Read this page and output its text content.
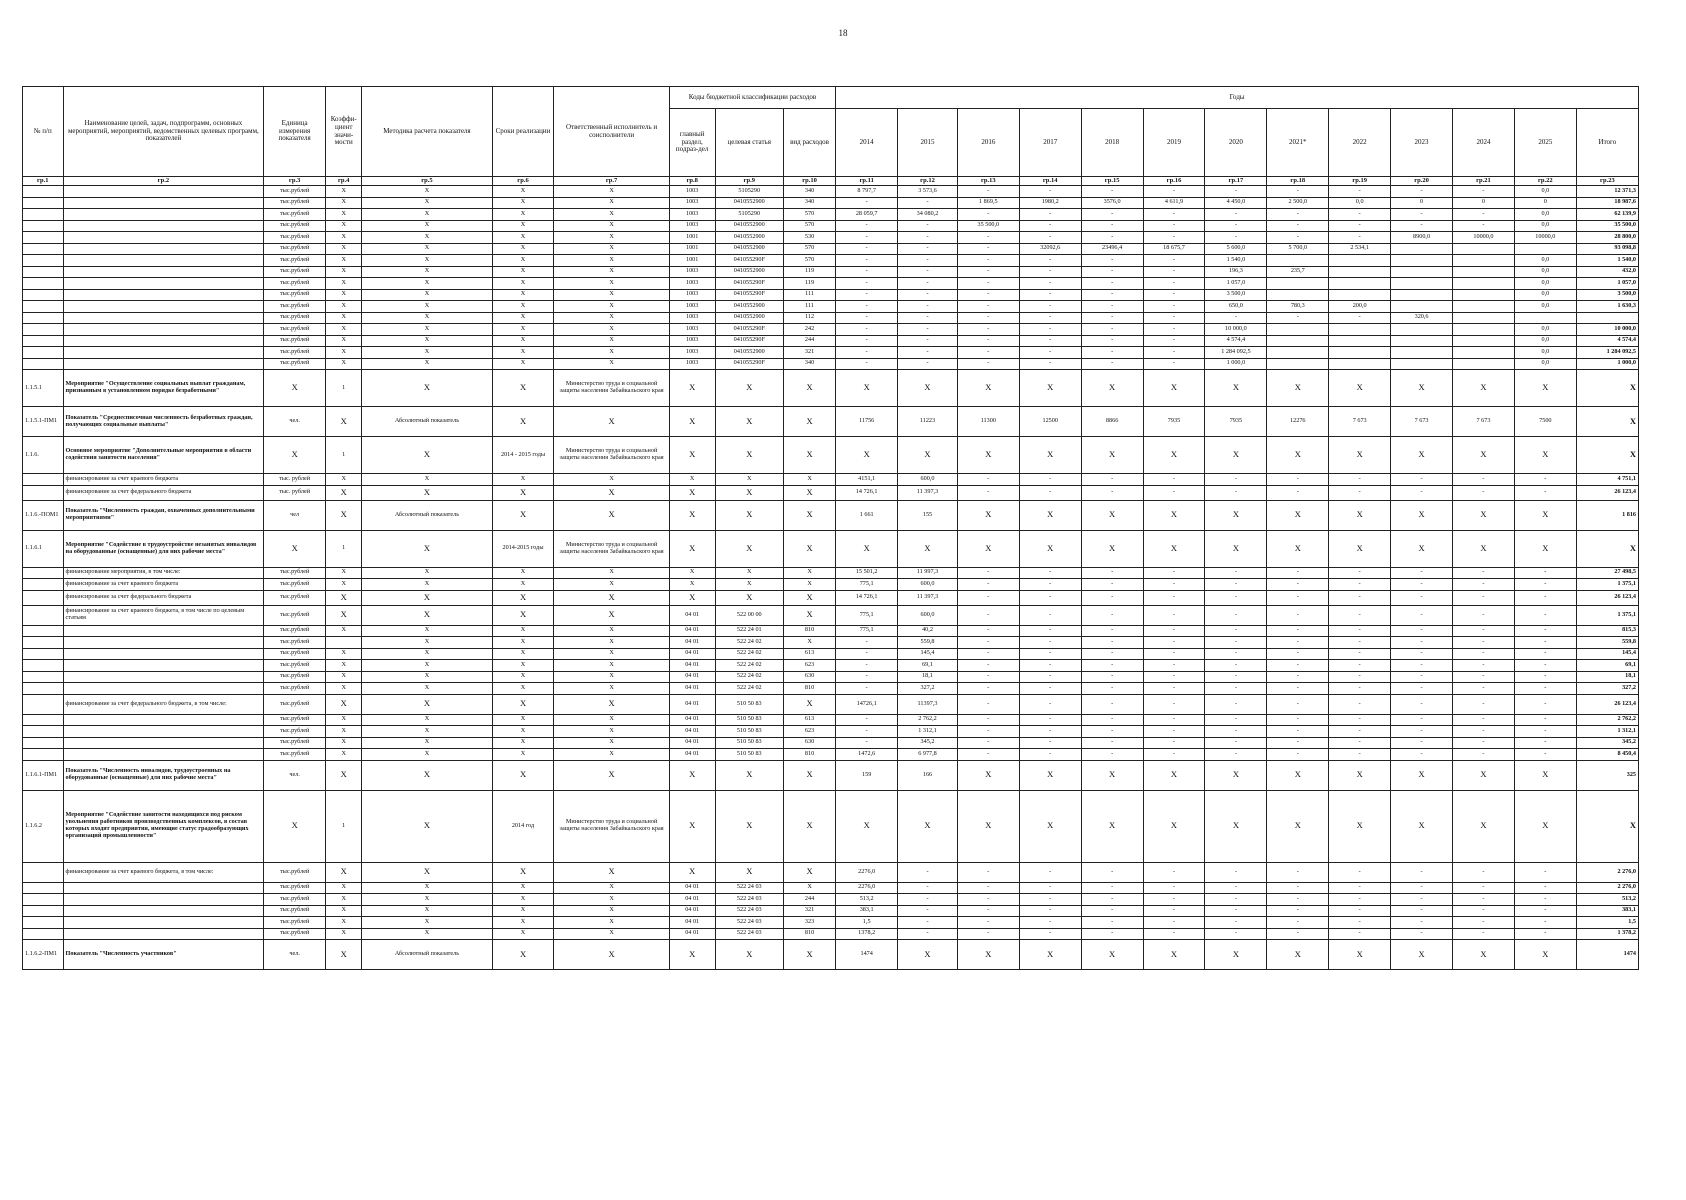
18
№ п/п	Наименование целей, задач, подпрограмм, основных мероприятий, мероприятий, ведомственных целевых программ, показателей	Единица измерения показателя	Коэффи-циент значи-мости	Методика расчета показателя	Сроки реализации	Ответственный исполнитель и соисполнители	Коды бюджетной классификации расходов			Годы												
							главный раздел, подраз-дел	целевая статья	вид расходов	2014	2015	2016	2017	2018	2019	2020	2021*	2022	2023	2024	2025	Итого
гр.1	гр.2	гр.3	гр.4	гр.5	гр.6	гр.7	гр.8	гр.9	гр.10	гр.11	гр.12	гр.13	гр.14	гр.15	гр.16	гр.17	гр.18	гр.19	гр.20	гр.21	гр.22	гр.23
		тыс.рублей	X	X	X	X	1003	5105290	340	8 797,7	3 573,6	-	-	-	-	-	-	-	-	-	0,0	12 371,3
		тыс.рублей	X	X	X	X	1003	0410552900	340	-	-	1 869,5	1980,2	3576,0	4 611,9	4 450,0	2 500,0	0,0	0	0	0	18 987,6
		тыс.рублей	X	X	X	X	1003	5105290	570	28 059,7	34 080,2	-	-	-	-	-	-	-	-	-	0,0	62 139,9
		тыс.рублей	X	X	X	X	1003	0410552900	570	-	-	35 500,0	-	-	-	-	-	-	-	-	0,0	35 500,0
		тыс.рублей	X	X	X	X	1001	0410552900	530	-	-	-	-	-	-	-	-	-	8900,0	10000,0	10000,0	28 800,0
		тыс.рублей	X	X	X	X	1001	0410552900	570	-	-	-	32092,6	23496,4	18 675,7	5 600,0	5 700,0	2 534,1				93 098,8
		тыс.рублей	X	X	X	X	1001	041055290F	570	-	-	-	-	-	-	1 540,0					0,0	1 540,0
		тыс.рублей	X	X	X	X	1003	0410552900	119	-	-	-	-	-	-	196,3	235,7				0,0	432,0
		тыс.рублей	X	X	X	X	1003	041055290F	119	-	-	-	-	-	-	1 057,0					0,0	1 057,0
		тыс.рублей	X	X	X	X	1003	041055290F	111	-	-	-	-	-	-	3 500,0					0,0	3 500,0
		тыс.рублей	X	X	X	X	1003	0410552900	111	-	-	-	-	-	-	650,0	780,3	200,0			0,0	1 630,3
		тыс.рублей	X	X	X	X	1003	0410552900	112	-	-	-	-	-	-	-	-	-	320,6			
		тыс.рублей	X	X	X	X	1003	041055290F	242	-	-	-	-	-	-	10 000,0					0,0	10 000,0
		тыс.рублей	X	X	X	X	1003	041055290F	244	-	-	-	-	-	-	4 574,4					0,0	4 574,4
		тыс.рублей	X	X	X	X	1003	0410552900	321	-	-	-	-	-	-	1 284 092,5					0,0	1 284 092,5
		тыс.рублей	X	X	X	X	1003	041055290F	340	-	-	-	-	-	-	1 000,0					0,0	1 000,0
1.1.5.1	Мероприятие "Осуществление социальных выплат гражданам, признанным в установленном порядке безработными"	X	1	X	X	Министерство труда и социальной защиты населения Забайкальского края	X	X	X	X	X	X	X	X	X	X	X	X	X	X	X	X
1.1.5.1-ПМ1	Показатель "Среднесписочная численность безработных граждан, получающих социальные выплаты"	чел.	X	Абсолютный показатель	X	X	X	X	X	11756	11223	11300	12500	8866	7935	7935	12276	7 673	7 673	7 673	7500	X
1.1.6.	Основное мероприятие "Дополнительные мероприятия в области содействия занятости населения"	X	1	X	2014 - 2015 годы	Министерство труда и социальной защиты населения Забайкальского края	X	X	X	X	X	X	X	X	X	X	X	X	X	X	X	X
	финансирование за счет краевого бюджета	тыс. рублей	X	X	X	X	X	X	X	4151,1	600,0	-	-	-	-	-	-	-	-	-	-	4 751,1
	финансирование за счет федерального бюджета	тыс. рублей	X	X	X	X	X	X	X	14 726,1	11 397,3	-	-	-	-	-	-	-	-	-	-	26 123,4
1.1.6.-ПОМ1	Показатель "Численность граждан, охваченных дополнительными мероприятиями"	чел	X	Абсолютный показатель	X	X	X	X	X	1 661	155	X	X	X	X	X	X	X	X	X	X	1 816
1.1.6.1	Мероприятие "Содействие в трудоустройстве незанятых инвалидов на оборудованные (оснащенные) для них рабочие места"	X	1	X	2014-2015 годы	Министерство труда и социальной защиты населения Забайкальского края	X	X	X	X	X	X	X	X	X	X	X	X	X	X	X	X
	финансирование мероприятия, в том числе:	тыс.рублей	X	X	X	X	X	X	X	15 501,2	11 997,3	-	-	-	-	-	-	-	-	-	-	27 498,5
	финансирование за счет краевого бюджета	тыс.рублей	X	X	X	X	X	X	X	775,1	600,0	-	-	-	-	-	-	-	-	-	-	1 375,1
	финансирование за счет федерального бюджета	тыс.рублей	X	X	X	X	X	X	X	14 726,1	11 397,3	-	-	-	-	-	-	-	-	-	-	26 123,4
	финансирование за счет краевого бюджета, в том числе по целевым статьям	тыс.рублей	X	X	X	X	04 01	522 00 00	X	775,1	600,0	-	-	-	-	-	-	-	-	-	-	1 375,1
		тыс.рублей	X	X	X	X	04 01	522 24 01	810	775,1	40,2	-	-	-	-	-	-	-	-	-	-	815,3
		тыс.рублей		X	X	X	04 01	522 24 02	X	-	559,8	-	-	-	-	-	-	-	-	-	-	559,8
		тыс.рублей	X	X	X	X	04 01	522 24 02	613	-	145,4	-	-	-	-	-	-	-	-	-	-	145,4
		тыс.рублей	X	X	X	X	04 01	522 24 02	623	-	69,1	-	-	-	-	-	-	-	-	-	-	69,1
		тыс.рублей	X	X	X	X	04 01	522 24 02	630	-	18,1	-	-	-	-	-	-	-	-	-	-	18,1
		тыс.рублей	X	X	X	X	04 01	522 24 02	810	-	327,2	-	-	-	-	-	-	-	-	-	-	327,2
	финансирование за счет федерального бюджета, в том числе:	тыс.рублей	X	X	X	X	04 01	510 50 83	X	14726,1	11397,3	-	-	-	-	-	-	-	-	-	-	26 123,4
		тыс.рублей	X	X	X	X	04 01	510 50 83	613	-	2 762,2	-	-	-	-	-	-	-	-	-	-	2 762,2
		тыс.рублей	X	X	X	X	04 01	510 50 83	623	-	1 312,1	-	-	-	-	-	-	-	-	-	-	1 312,1
		тыс.рублей	X	X	X	X	04 01	510 50 83	630	-	345,2	-	-	-	-	-	-	-	-	-	-	345,2
		тыс.рублей	X	X	X	X	04 01	510 50 83	810	1472,6	6 977,8	-	-	-	-	-	-	-	-	-	-	8 450,4
1.1.6.1-ПМ1	Показатель "Численность инвалидов, трудоустроенных на оборудованные (оснащенные) для них рабочие места"	чел.	X	X	X	X	X	X	X	159	166	X	X	X	X	X	X	X	X	X	X	325
1.1.6.2	Мероприятие "Содействие занятости находящихся под риском увольнения работников производственных комплексов, в состав которых входят предприятия, имеющие статус градообразующих организаций промышленности"	X	1	X	2014 год	Министерство труда и социальной защиты населения Забайкальского края	X	X	X	X	X	X	X	X	X	X	X	X	X	X	X	X
	финансирование за счет краевого бюджета, в том числе:	тыс.рублей	X	X	X	X	X	X	X	2276,0	-	-	-	-	-	-	-	-	-	-	-	2 276,0
		тыс.рублей	X	X	X	X	04 01	522 24 03	X	2276,0	-	-	-	-	-	-	-	-	-	-	-	2 276,0
		тыс.рублей	X	X	X	X	04 01	522 24 03	244	513,2	-	-	-	-	-	-	-	-	-	-	-	513,2
		тыс.рублей	X	X	X	X	04 01	522 24 03	321	383,1	-	-	-	-	-	-	-	-	-	-	-	383,1
		тыс.рублей	X	X	X	X	04 01	522 24 03	323	1,5	-	-	-	-	-	-	-	-	-	-	-	1,5
		тыс.рублей	X	X	X	X	04 01	522 24 03	810	1378,2	-	-	-	-	-	-	-	-	-	-	-	1 378,2
1.1.6.2-ПМ1	Показатель "Численность участников"	чел.	X	Абсолютный показатель	X	X	X	X	X	1474	X	X	X	X	X	X	X	X	X	X	X	1474
